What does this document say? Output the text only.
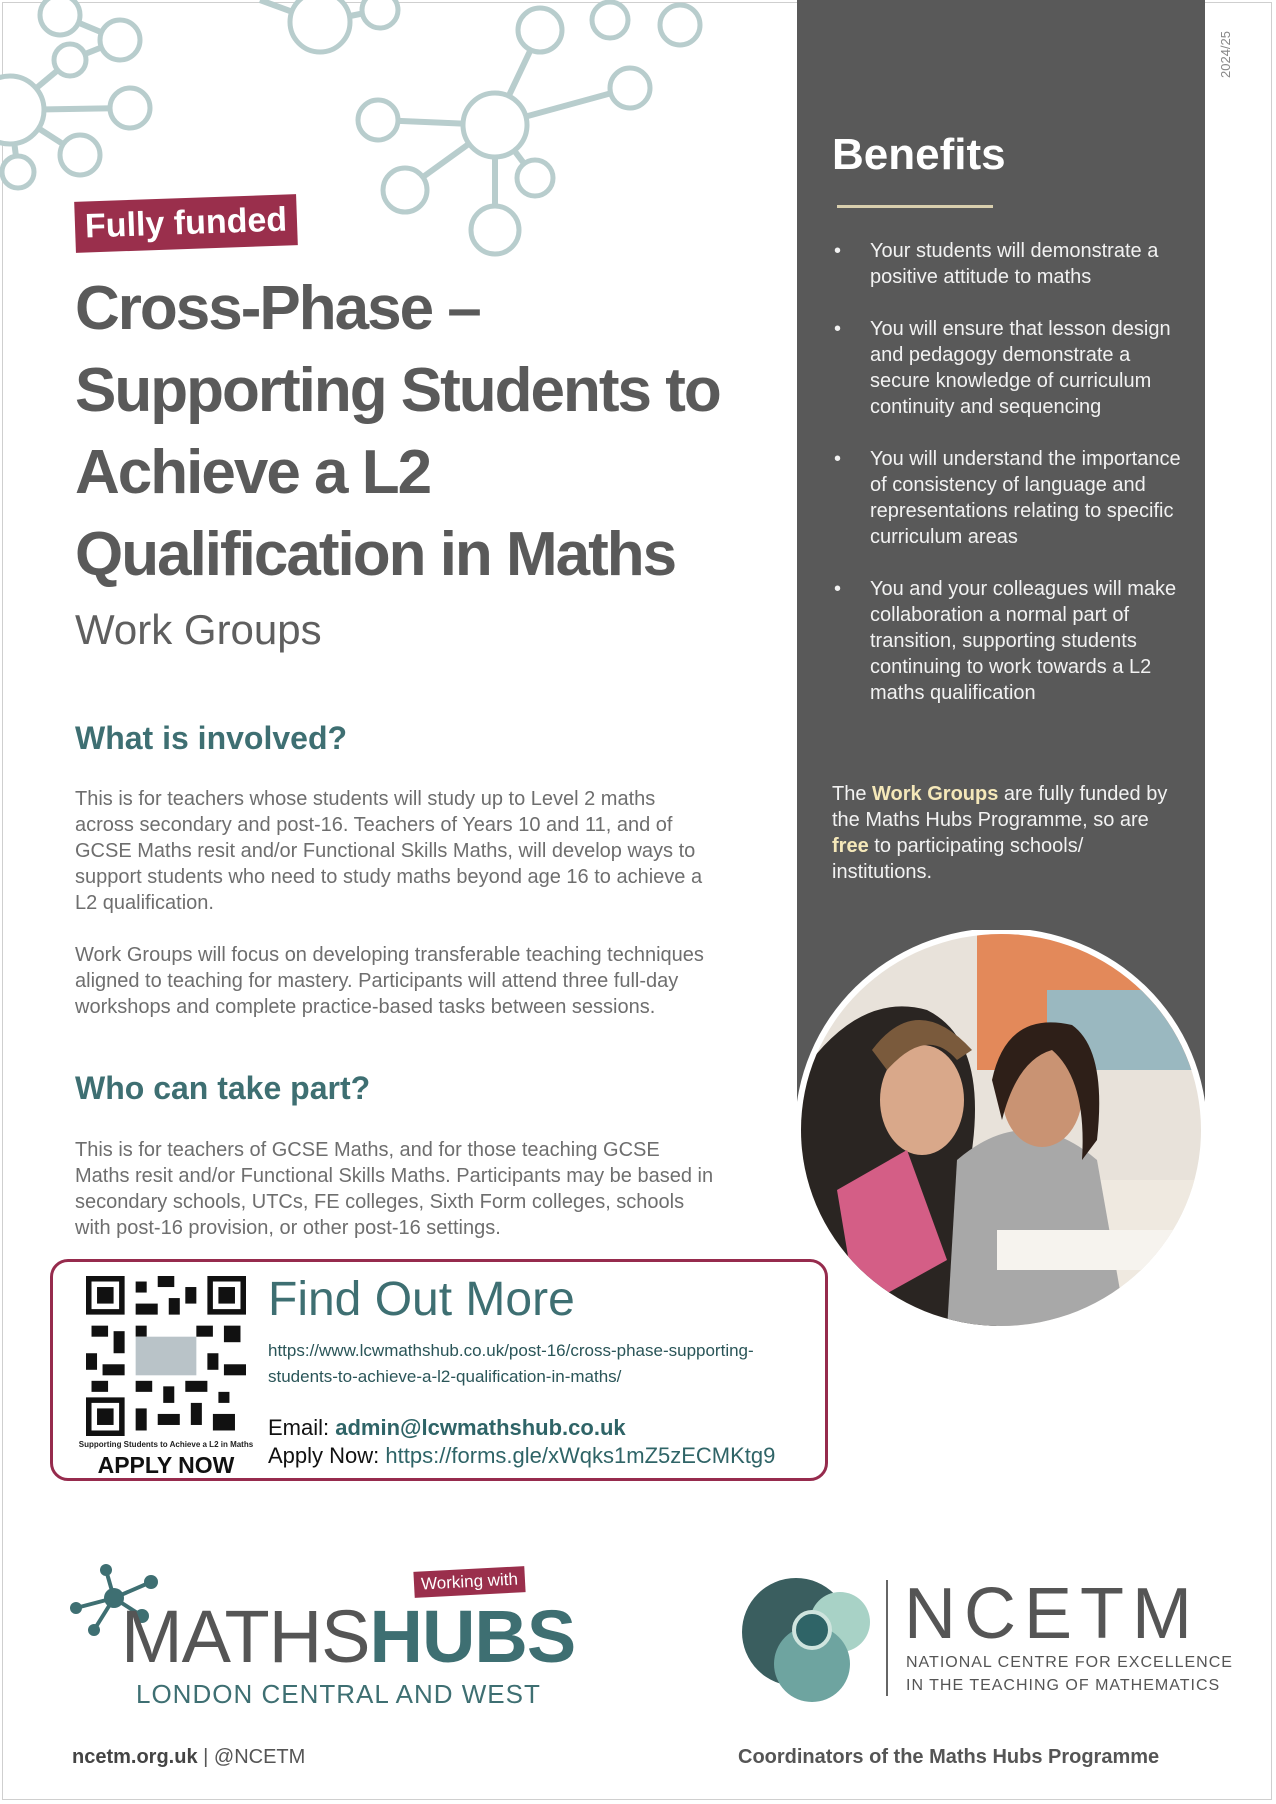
2024/25
Fully funded
Cross-Phase – Supporting Students to Achieve a L2 Qualification in Maths
Work Groups
What is involved?

This is for teachers whose students will study up to Level 2 maths across secondary and post-16. Teachers of Years 10 and 11, and of GCSE Maths resit and/or Functional Skills Maths, will develop ways to support students who need to study maths beyond age 16 to achieve a L2 qualification.

Work Groups will focus on developing transferable teaching techniques aligned to teaching for mastery. Participants will attend three full-day workshops and complete practice-based tasks between sessions.

Who can take part?

This is for teachers of GCSE Maths, and for those teaching GCSE Maths resit and/or Functional Skills Maths. Participants may be based in secondary schools, UTCs, FE colleges, Sixth Form colleges, schools with post-16 provision, or other post-16 settings.

Benefits
• Your students will demonstrate a positive attitude to maths
• You will ensure that lesson design and pedagogy demonstrate a secure knowledge of curriculum continuity and sequencing
• You will understand the importance of consistency of language and representations relating to specific curriculum areas
• You and your colleagues will make collaboration a normal part of transition, supporting students continuing to work towards a L2 maths qualification

The Work Groups are fully funded by the Maths Hubs Programme, so are free to participating schools/ institutions.

Supporting Students to Achieve a L2 in Maths
APPLY NOW
Find Out More
https://www.lcwmathshub.co.uk/post-16/cross-phase-supporting-students-to-achieve-a-l2-qualification-in-maths/
Email: admin@lcwmathshub.co.uk
Apply Now: https://forms.gle/xWqks1mZ5zECMKtg9
Working with
MATHSHUBS
LONDON CENTRAL AND WEST
NCETM
NATIONAL CENTRE FOR EXCELLENCE
IN THE TEACHING OF MATHEMATICS
ncetm.org.uk | @NCETM	Coordinators of the Maths Hubs Programme
